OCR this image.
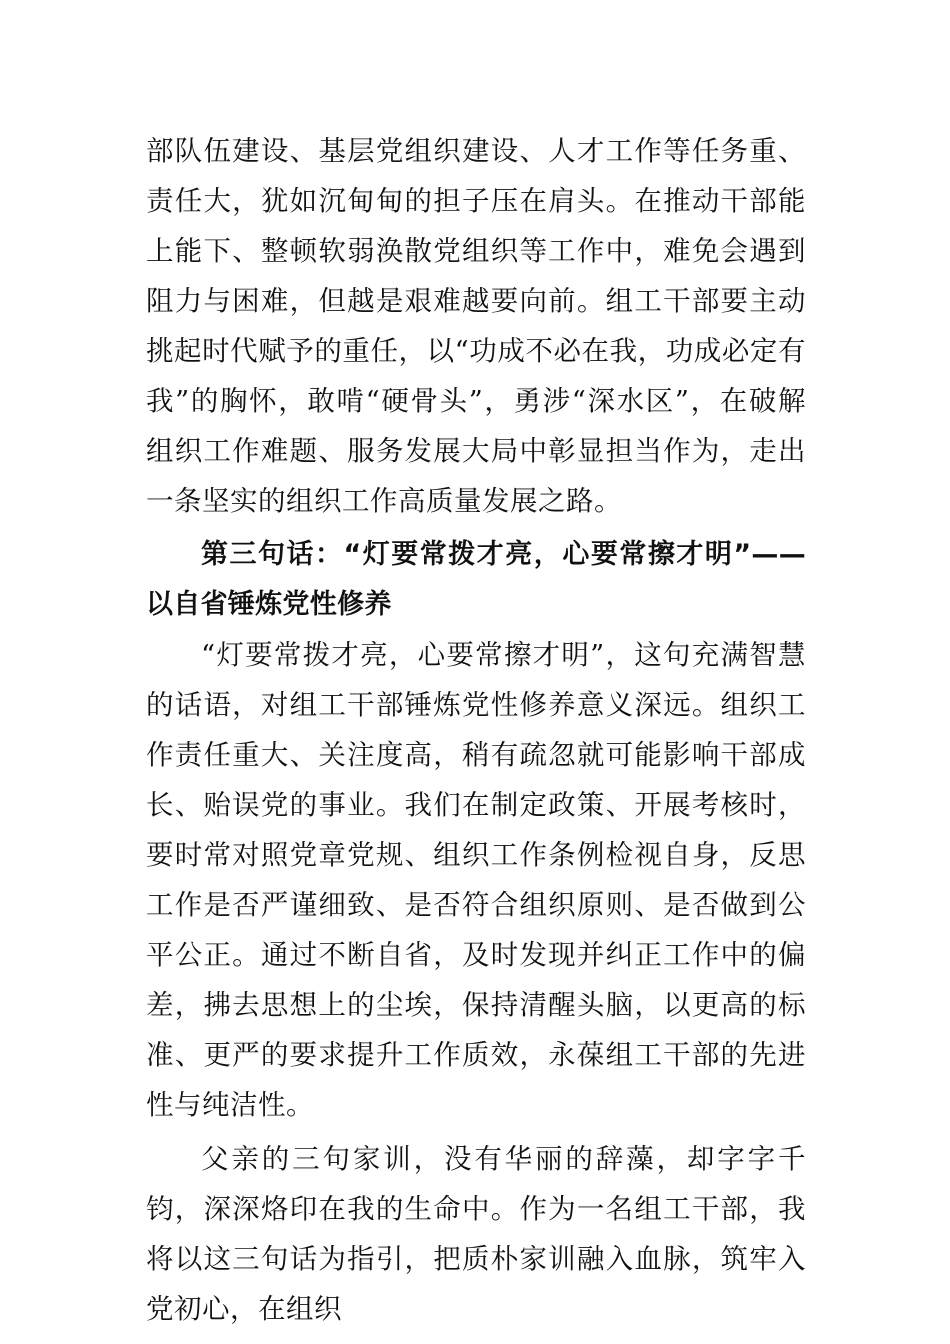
部队伍建设、基层党组织建设、人才工作等任务重、责任大，犹如沉甸甸的担子压在肩头。在推动干部能上能下、整顿软弱涣散党组织等工作中，难免会遇到阻力与困难，但越是艰难越要向前。组工干部要主动挑起时代赋予的重任，以“功成不必在我，功成必定有我”的胸怀，敢啃“硬骨头”，勇涉“深水区”，在破解组织工作难题、服务发展大局中彰显担当作为，走出一条坚实的组织工作高质量发展之路。

第三句话：“灯要常拨才亮，心要常擦才明”——以自省锤炼党性修养

“灯要常拨才亮，心要常擦才明”，这句充满智慧的话语，对组工干部锤炼党性修养意义深远。组织工作责任重大、关注度高，稍有疏忽就可能影响干部成长、贻误党的事业。我们在制定政策、开展考核时，要时常对照党章党规、组织工作条例检视自身，反思工作是否严谨细致、是否符合组织原则、是否做到公平公正。通过不断自省，及时发现并纠正工作中的偏差，拂去思想上的尘埃，保持清醒头脑，以更高的标准、更严的要求提升工作质效，永葆组工干部的先进性与纯洁性。

父亲的三句家训，没有华丽的辞藻，却字字千钧，深深烙印在我的生命中。作为一名组工干部，我将以这三句话为指引，把质朴家训融入血脉，筑牢入党初心，在组织
